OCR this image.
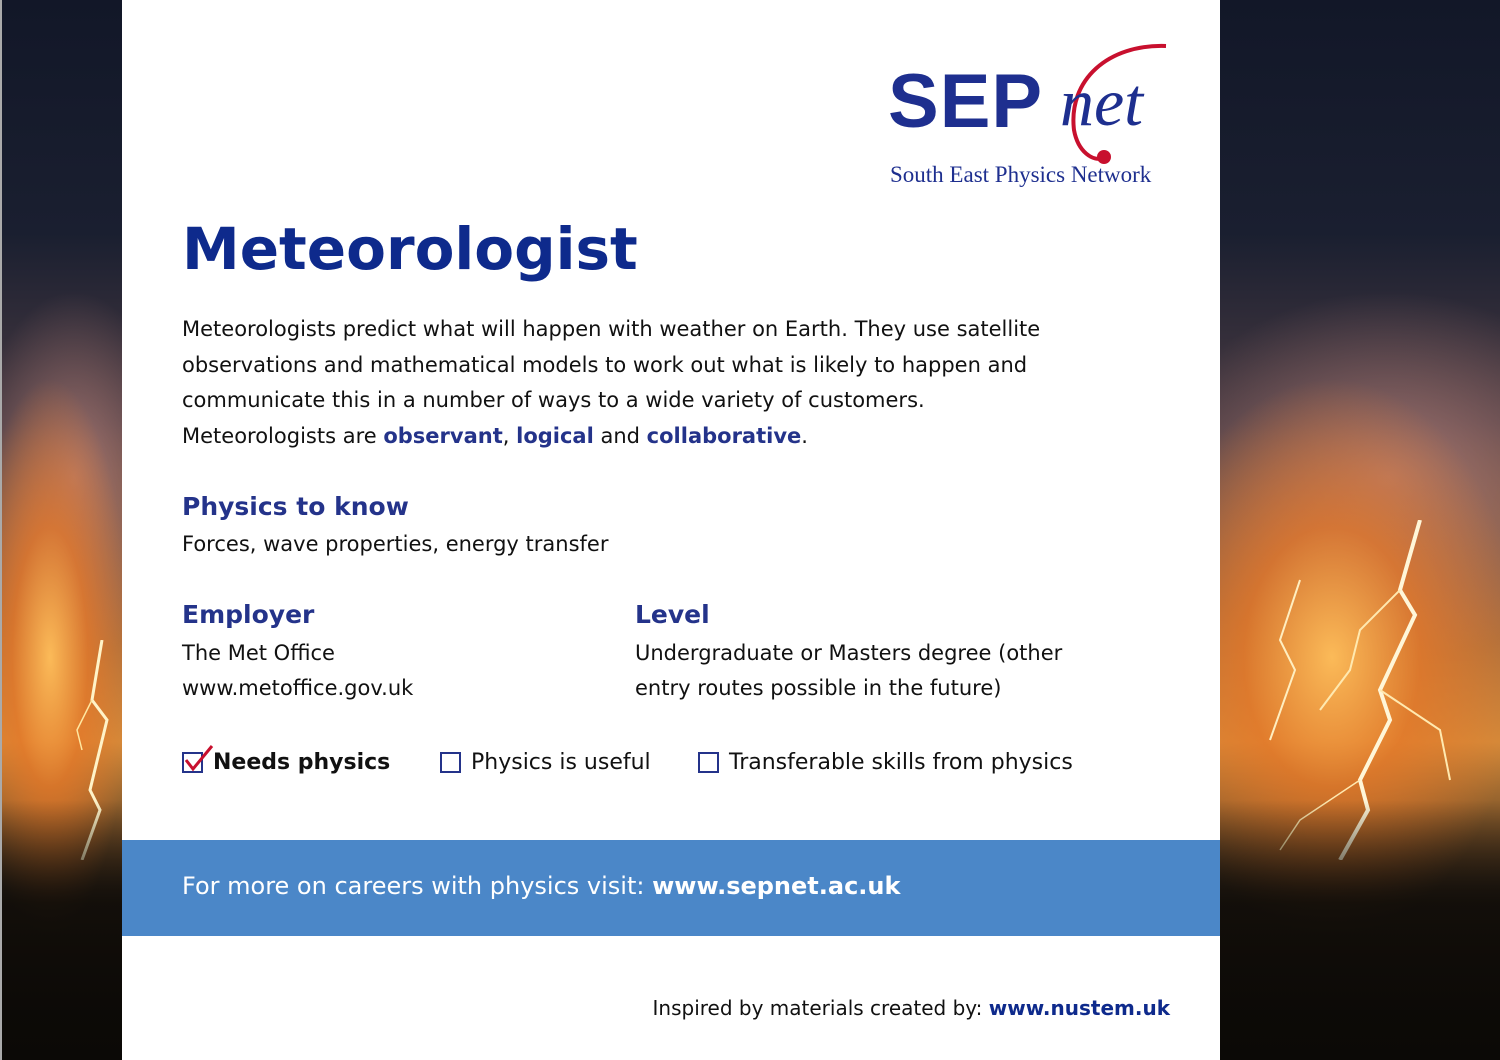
SEP net
South East Physics Network
Meteorologist

Meteorologists predict what will happen with weather on Earth. They use satellite observations and mathematical models to work out what is likely to happen and communicate this in a number of ways to a wide variety of customers. Meteorologists are observant, logical and collaborative.

Physics to know

Forces, wave properties, energy transfer

Employer

The Met Office

www.metoffice.gov.uk

Level

Undergraduate or Masters degree (other

entry routes possible in the future)

Needs physics	Physics is useful	Transferable skills from physics
For more on careers with physics visit: www.sepnet.ac.uk
Inspired by materials created by: www.nustem.uk
